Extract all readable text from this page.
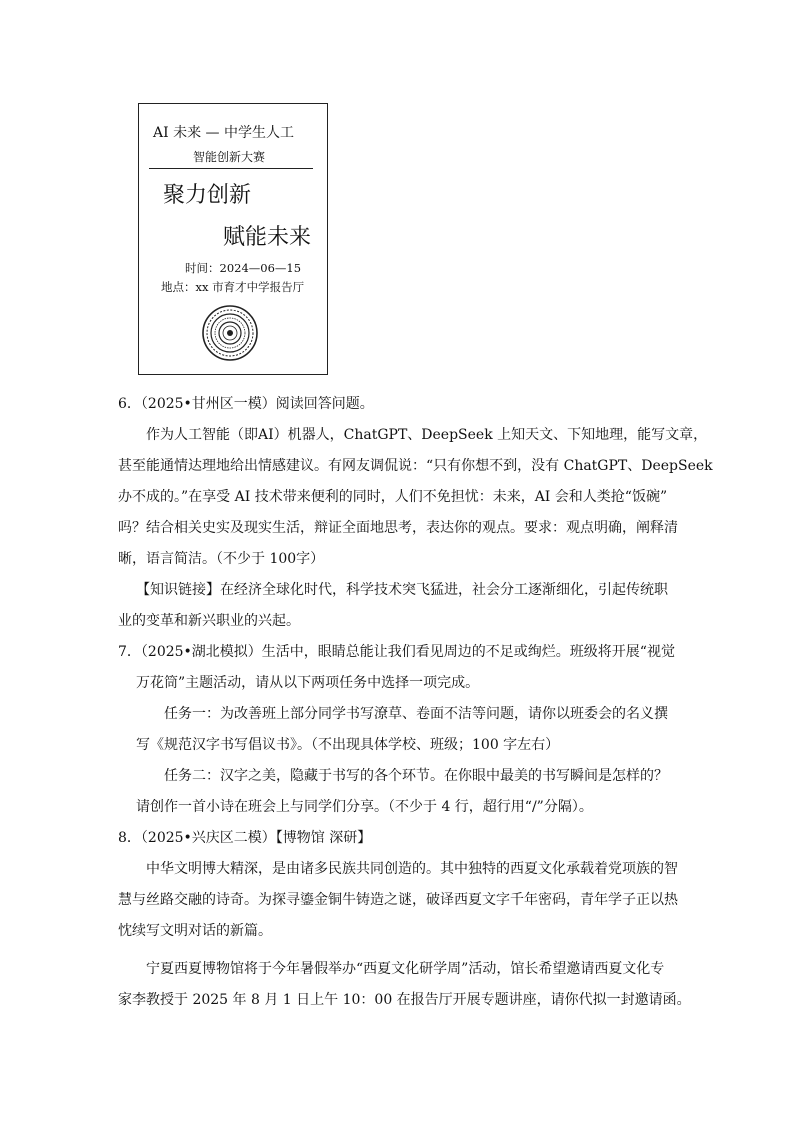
AI 未来 — 中学生人工
智能创新大赛
聚力创新
赋能未来
时间：2024—06—15
地点：xx 市育才中学报告厅
6．（2025•甘州区一模）阅读回答问题。
作为人工智能（即AI）机器人，ChatGPT、DeepSeek 上知天文、下知地理，能写文章，
甚至能通情达理地给出情感建议。有网友调侃说：“只有你想不到，没有 ChatGPT、DeepSeek
办不成的。”在享受 AI 技术带来便利的同时，人们不免担忧：未来，AI 会和人类抢“饭碗”
吗？结合相关史实及现实生活，辩证全面地思考，表达你的观点。要求：观点明确，阐释清
晰，语言简洁。（不少于 100字）
【知识链接】在经济全球化时代，科学技术突飞猛进，社会分工逐渐细化，引起传统职
业的变革和新兴职业的兴起。
7．（2025•湖北模拟）生活中，眼睛总能让我们看见周边的不足或绚烂。班级将开展“视觉
万花筒”主题活动，请从以下两项任务中选择一项完成。
任务一：为改善班上部分同学书写潦草、卷面不洁等问题，请你以班委会的名义撰
写《规范汉字书写倡议书》。（不出现具体学校、班级；100 字左右）
任务二：汉字之美，隐藏于书写的各个环节。在你眼中最美的书写瞬间是怎样的？
请创作一首小诗在班会上与同学们分享。（不少于 4 行，超行用“/”分隔）。
8．（2025•兴庆区二模）【博物馆 深研】
中华文明博大精深，是由诸多民族共同创造的。其中独特的西夏文化承载着党项族的智
慧与丝路交融的诗奇。为探寻鎏金铜牛铸造之谜，破译西夏文字千年密码，青年学子正以热
忱续写文明对话的新篇。
宁夏西夏博物馆将于今年暑假举办“西夏文化研学周”活动，馆长希望邀请西夏文化专
家李教授于 2025 年 8 月 1 日上午 10：00 在报告厅开展专题讲座，请你代拟一封邀请函。
